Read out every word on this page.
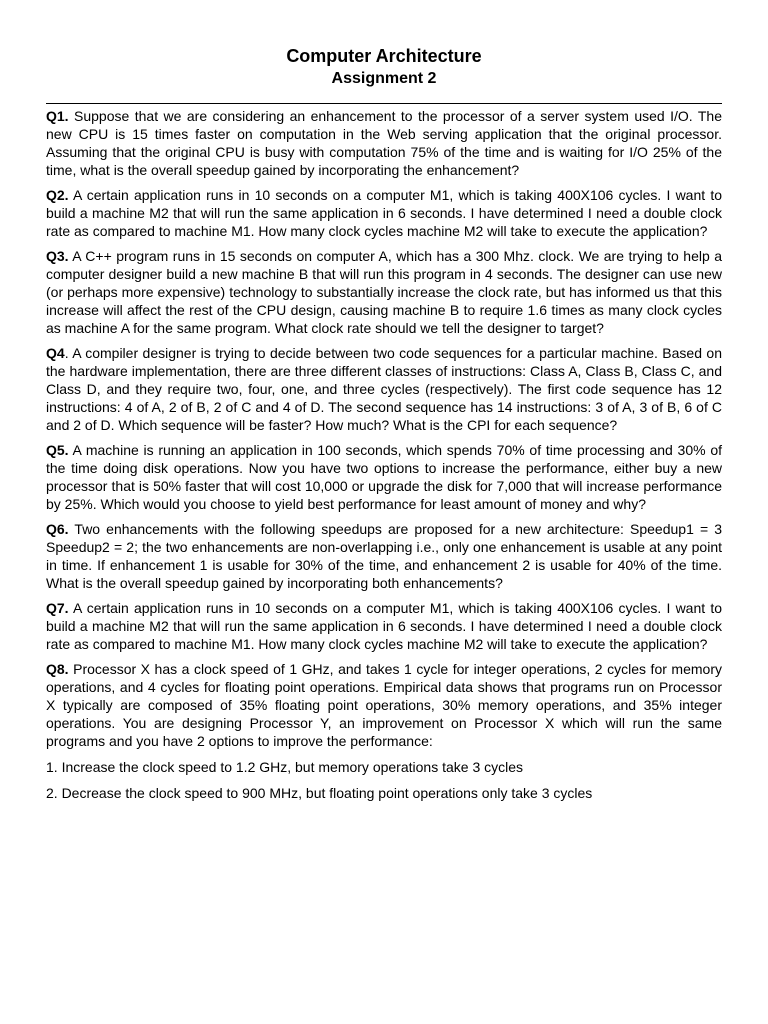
Computer Architecture
Assignment 2

Q1. Suppose that we are considering an enhancement to the processor of a server system used I/O. The new CPU is 15 times faster on computation in the Web serving application that the original processor. Assuming that the original CPU is busy with computation 75% of the time and is waiting for I/O 25% of the time, what is the overall speedup gained by incorporating the enhancement?

Q2. A certain application runs in 10 seconds on a computer M1, which is taking 400X106 cycles. I want to build a machine M2 that will run the same application in 6 seconds. I have determined I need a double clock rate as compared to machine M1. How many clock cycles machine M2 will take to execute the application?

Q3. A C++ program runs in 15 seconds on computer A, which has a 300 Mhz. clock. We are trying to help a computer designer build a new machine B that will run this program in 4 seconds. The designer can use new (or perhaps more expensive) technology to substantially increase the clock rate, but has informed us that this increase will affect the rest of the CPU design, causing machine B to require 1.6 times as many clock cycles as machine A for the same program. What clock rate should we tell the designer to target?

Q4. A compiler designer is trying to decide between two code sequences for a particular machine. Based on the hardware implementation, there are three different classes of instructions: Class A, Class B, Class C, and Class D, and they require two, four, one, and three cycles (respectively). The first code sequence has 12 instructions: 4 of A, 2 of B, 2 of C and 4 of D. The second sequence has 14 instructions: 3 of A, 3 of B, 6 of C and 2 of D. Which sequence will be faster? How much? What is the CPI for each sequence?

Q5. A machine is running an application in 100 seconds, which spends 70% of time processing and 30% of the time doing disk operations. Now you have two options to increase the performance, either buy a new processor that is 50% faster that will cost 10,000 or upgrade the disk for 7,000 that will increase performance by 25%. Which would you choose to yield best performance for least amount of money and why?

Q6. Two enhancements with the following speedups are proposed for a new architecture: Speedup1 = 3 Speedup2 = 2; the two enhancements are non-overlapping i.e., only one enhancement is usable at any point in time. If enhancement 1 is usable for 30% of the time, and enhancement 2 is usable for 40% of the time. What is the overall speedup gained by incorporating both enhancements?

Q7. A certain application runs in 10 seconds on a computer M1, which is taking 400X106 cycles. I want to build a machine M2 that will run the same application in 6 seconds. I have determined I need a double clock rate as compared to machine M1. How many clock cycles machine M2 will take to execute the application?

Q8. Processor X has a clock speed of 1 GHz, and takes 1 cycle for integer operations, 2 cycles for memory operations, and 4 cycles for floating point operations. Empirical data shows that programs run on Processor X typically are composed of 35% floating point operations, 30% memory operations, and 35% integer operations. You are designing Processor Y, an improvement on Processor X which will run the same programs and you have 2 options to improve the performance:

1. Increase the clock speed to 1.2 GHz, but memory operations take 3 cycles
2. Decrease the clock speed to 900 MHz, but floating point operations only take 3 cycles
